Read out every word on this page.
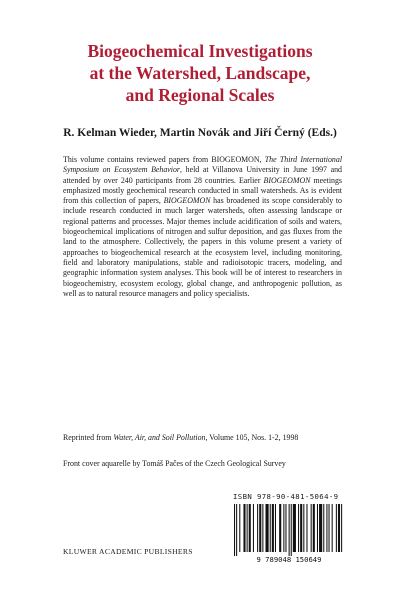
Biogeochemical Investigations
at the Watershed, Landscape,
and Regional Scales
R. Kelman Wieder, Martin Novák and Jiří Černý (Eds.)
This volume contains reviewed papers from BIOGEOMON, The Third International Symposium on Ecosystem Behavior, held at Villanova University in June 1997 and attended by over 240 participants from 28 countries. Earlier BIOGEOMON meetings emphasized mostly geochemical research conducted in small watersheds. As is evident from this collection of papers, BIOGEOMON has broadened its scope considerably to include research conducted in much larger watersheds, often assessing landscape or regional patterns and processes. Major themes include acidification of soils and waters, biogeochemical implications of nitrogen and sulfur deposition, and gas fluxes from the land to the atmosphere. Collectively, the papers in this volume present a variety of approaches to biogeochemical research at the ecosystem level, including monitoring, field and laboratory manipulations, stable and radioisotopic tracers, modeling, and geographic information system analyses. This book will be of interest to researchers in biogeochemistry, ecosystem ecology, global change, and anthropogenic pollution, as well as to natural resource managers and policy specialists.
Reprinted from Water, Air, and Soil Pollution, Volume 105, Nos. 1-2, 1998
Front cover aquarelle by Tomáš Pačes of the Czech Geological Survey
ISBN 978-90-481-5064-9
9 789048 150649
KLUWER ACADEMIC PUBLISHERS
